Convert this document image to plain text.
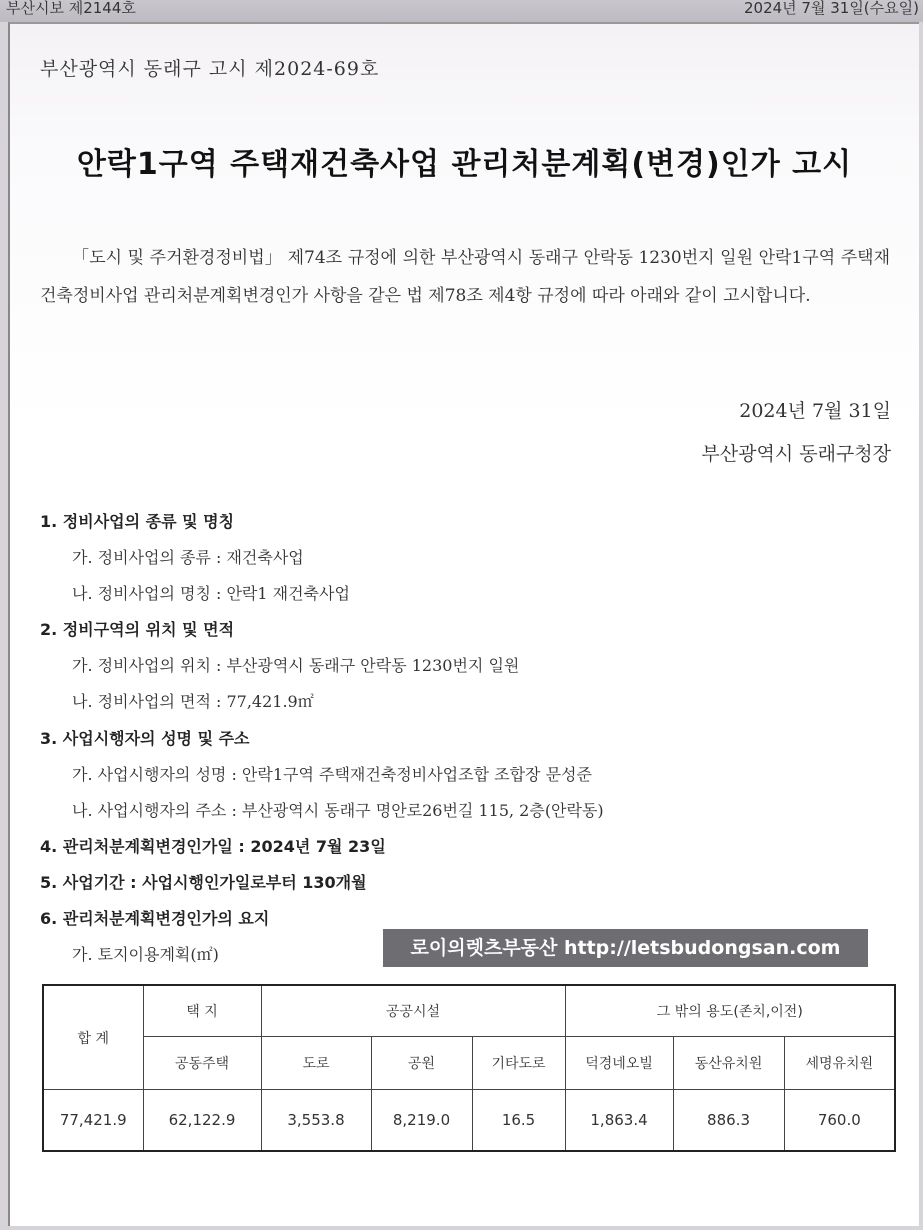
부산시보 제2144호	2024년 7월 31일(수요일)
부산광역시 동래구 고시 제2024-69호
안락1구역 주택재건축사업 관리처분계획(변경)인가 고시
「도시 및 주거환경정비법」 제74조 규정에 의한 부산광역시 동래구 안락동 1230번지 일원 안락1구역 주택재건축정비사업 관리처분계획변경인가 사항을 같은 법 제78조 제4항 규정에 따라 아래와 같이 고시합니다.
2024년 7월 31일
부산광역시 동래구청장
1. 정비사업의 종류 및 명칭
가. 정비사업의 종류 : 재건축사업
나. 정비사업의 명칭 : 안락1 재건축사업
2. 정비구역의 위치 및 면적
가. 정비사업의 위치 : 부산광역시 동래구 안락동 1230번지 일원
나. 정비사업의 면적 : 77,421.9㎡
3. 사업시행자의 성명 및 주소
가. 사업시행자의 성명 : 안락1구역 주택재건축정비사업조합 조합장 문성준
나. 사업시행자의 주소 : 부산광역시 동래구 명안로26번길 115, 2층(안락동)
4. 관리처분계획변경인가일 : 2024년 7월 23일
5. 사업기간 : 사업시행인가일로부터 130개월
6. 관리처분계획변경인가의 요지
가. 토지이용계획(㎡)	로이의렛츠부동산 http://letsbudongsan.com
합 계	택 지	공공시설			그 밖의 용도(존치,이전)		
	공동주택	도로	공원	기타도로	덕경네오빌	동산유치원	세명유치원
77,421.9	62,122.9	3,553.8	8,219.0	16.5	1,863.4	886.3	760.0
